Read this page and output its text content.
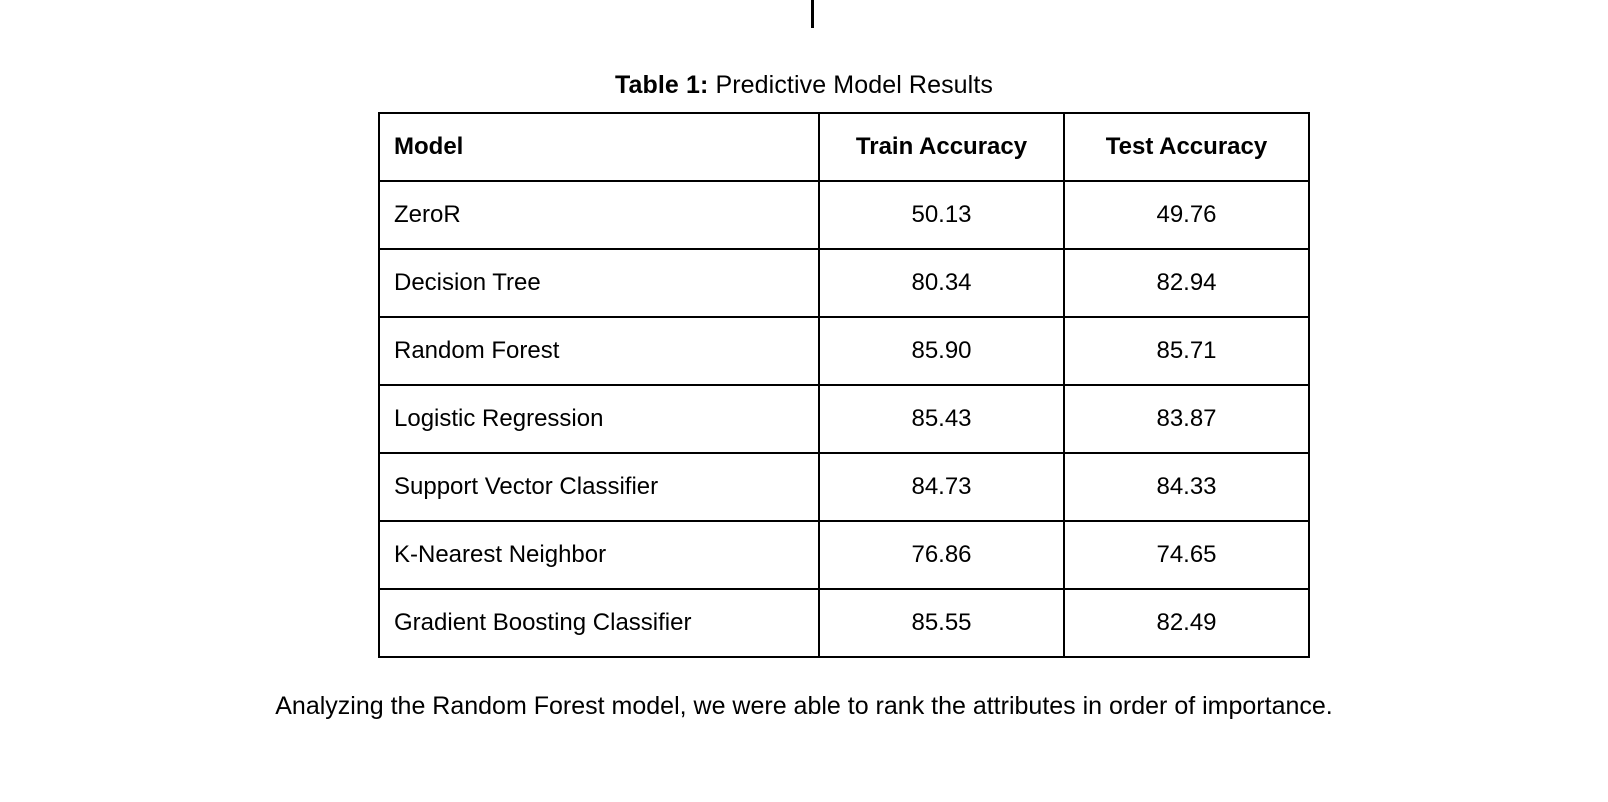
Table 1: Predictive Model Results
Model	Train Accuracy	Test Accuracy
ZeroR	50.13	49.76
Decision Tree	80.34	82.94
Random Forest	85.90	85.71
Logistic Regression	85.43	83.87
Support Vector Classifier	84.73	84.33
K-Nearest Neighbor	76.86	74.65
Gradient Boosting Classifier	85.55	82.49
Analyzing the Random Forest model, we were able to rank the attributes in order of importance.
